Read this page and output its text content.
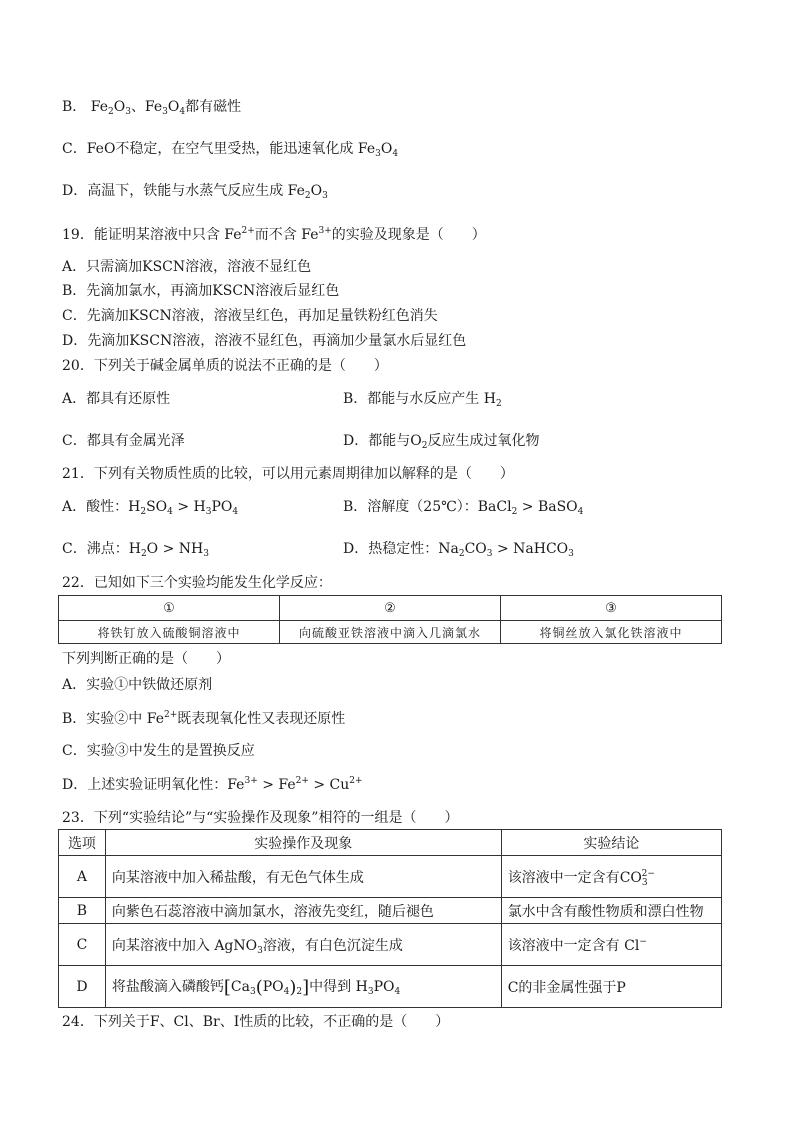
B． $Fe_2O_3$、$Fe_3O_4$都有磁性
C．FeO不稳定，在空气里受热，能迅速氧化成 $Fe_3O_4$
D．高温下，铁能与水蒸气反应生成 $Fe_2O_3$
19．能证明某溶液中只含 $Fe^{2+}$而不含 $Fe^{3+}$的实验及现象是（　　）
A．只需滴加KSCN溶液，溶液不显红色
B．先滴加氯水，再滴加KSCN溶液后显红色
C．先滴加KSCN溶液，溶液呈红色，再加足量铁粉红色消失
D．先滴加KSCN溶液，溶液不显红色，再滴加少量氯水后显红色
20．下列关于碱金属单质的说法不正确的是（　　）
A．都具有还原性	B．都能与水反应产生 $H_2$
C．都具有金属光泽	D．都能与$O_2$反应生成过氧化物
21．下列有关物质性质的比较，可以用元素周期律加以解释的是（　　）
A．酸性：$H_2SO_4 > H_3PO_4$	B．溶解度（25℃）：BaCl$_2$ > BaSO$_4$
C．沸点：$H_2O > NH_3$	D．热稳定性：$Na_2CO_3$ > NaHCO$_3$
22．已知如下三个实验均能发生化学反应：
①	②	③
将铁钉放入硫酸铜溶液中	向硫酸亚铁溶液中滴入几滴氯水	将铜丝放入氯化铁溶液中
下列判断正确的是（　　）
A．实验①中铁做还原剂
B．实验②中 $Fe^{2+}$既表现氧化性又表现还原性
C．实验③中发生的是置换反应
D．上述实验证明氧化性：$Fe^{3+} > Fe^{2+} > Cu^{2+}$
23．下列“实验结论”与“实验操作及现象”相符的一组是（　　）
选项	实验操作及现象	实验结论
A	向某溶液中加入稀盐酸，有无色气体生成	该溶液中一定含有$CO_3^{2-}$
B	向紫色石蕊溶液中滴加氯水，溶液先变红，随后褪色	氯水中含有酸性物质和漂白性物
C	向某溶液中加入 AgNO$_3$溶液，有白色沉淀生成	该溶液中一定含有 Cl−
D	将盐酸滴入磷酸钙$[Ca_3(PO_4)_2]$中得到 $H_3PO_4$	C的非金属性强于P
24．下列关于F、Cl、Br、I性质的比较，不正确的是（　　）
